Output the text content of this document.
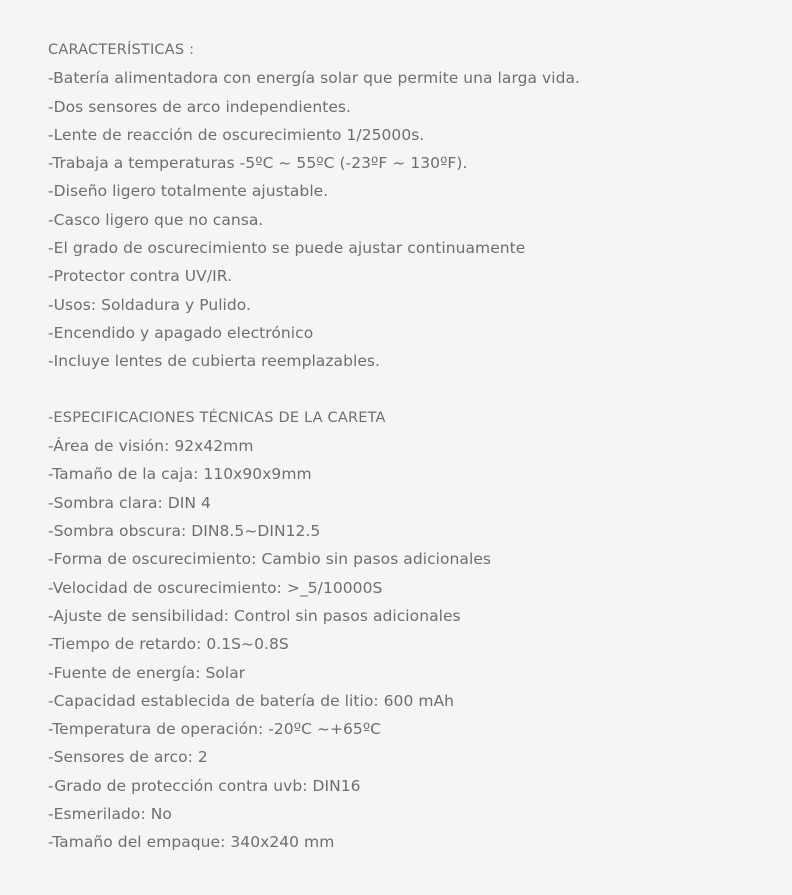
CARACTERÍSTICAS :
-Batería alimentadora con energía solar que permite una larga vida.
-Dos sensores de arco independientes.
-Lente de reacción de oscurecimiento 1/25000s.
-Trabaja a temperaturas -5ºC ~ 55ºC (-23ºF ~ 130ºF).
-Diseño ligero totalmente ajustable.
-Casco ligero que no cansa.
-El grado de oscurecimiento se puede ajustar continuamente
-Protector contra UV/IR.
-Usos: Soldadura y Pulido.
-Encendido y apagado electrónico
-Incluye lentes de cubierta reemplazables.
-ESPECIFICACIONES TÉCNICAS DE LA CARETA
-Área de visión: 92x42mm
-Tamaño de la caja: 110x90x9mm
-Sombra clara: DIN 4
-Sombra obscura: DIN8.5~DIN12.5
-Forma de oscurecimiento: Cambio sin pasos adicionales
-Velocidad de oscurecimiento: >_5/10000S
-Ajuste de sensibilidad: Control sin pasos adicionales
-Tiempo de retardo: 0.1S~0.8S
-Fuente de energía: Solar
-Capacidad establecida de batería de litio: 600 mAh
-Temperatura de operación: -20ºC ~+65ºC
-Sensores de arco: 2
-Grado de protección contra uvb: DIN16
-Esmerilado: No
-Tamaño del empaque: 340x240 mm
